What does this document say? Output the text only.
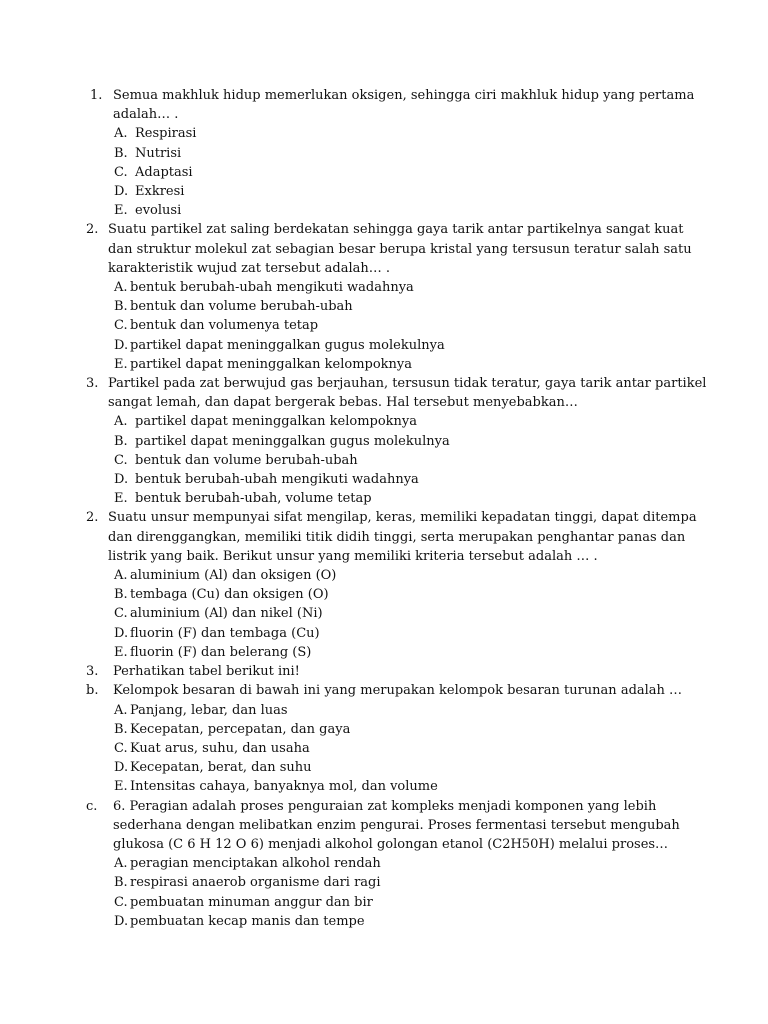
1. Semua makhluk hidup memerlukan oksigen, sehingga ciri makhluk hidup yang pertama adalah… .
A. Respirasi
B. Nutrisi
C. Adaptasi
D. Exkresi
E. evolusi
2. Suatu partikel zat saling berdekatan sehingga gaya tarik antar partikelnya sangat kuat dan struktur molekul zat sebagian besar berupa kristal yang tersusun teratur salah satu karakteristik wujud zat tersebut adalah… .
A. bentuk berubah-ubah mengikuti wadahnya
B. bentuk dan volume berubah-ubah
C. bentuk dan volumenya tetap
D. partikel dapat meninggalkan gugus molekulnya
E. partikel dapat meninggalkan kelompoknya
3. Partikel pada zat berwujud gas berjauhan, tersusun tidak teratur, gaya tarik antar partikel sangat lemah, dan dapat bergerak bebas. Hal tersebut menyebabkan…
A. partikel dapat meninggalkan kelompoknya
B. partikel dapat meninggalkan gugus molekulnya
C. bentuk dan volume berubah-ubah
D. bentuk berubah-ubah mengikuti wadahnya
E. bentuk berubah-ubah, volume tetap
2. Suatu unsur mempunyai sifat mengilap, keras, memiliki kepadatan tinggi, dapat ditempa dan direnggangkan, memiliki titik didih tinggi, serta merupakan penghantar panas dan listrik yang baik. Berikut unsur yang memiliki kriteria tersebut adalah … .
A. aluminium (Al) dan oksigen (O)
B. tembaga (Cu) dan oksigen (O)
C. aluminium (Al) dan nikel (Ni)
D. fluorin (F) dan tembaga (Cu)
E. fluorin (F) dan belerang (S)
3. Perhatikan tabel berikut ini!
b. Kelompok besaran di bawah ini yang merupakan kelompok besaran turunan adalah …
A. Panjang, lebar, dan luas
B. Kecepatan, percepatan, dan gaya
C. Kuat arus, suhu, dan usaha
D. Kecepatan, berat, dan suhu
E. Intensitas cahaya, banyaknya mol, dan volume
c. 6. Peragian adalah proses penguraian zat kompleks menjadi komponen yang lebih sederhana dengan melibatkan enzim pengurai. Proses fermentasi tersebut mengubah glukosa (C 6 H 12 O 6) menjadi alkohol golongan etanol (C2H50H) melalui proses…
A. peragian menciptakan alkohol rendah
B. respirasi anaerob organisme dari ragi
C. pembuatan minuman anggur dan bir
D. pembuatan kecap manis dan tempe
